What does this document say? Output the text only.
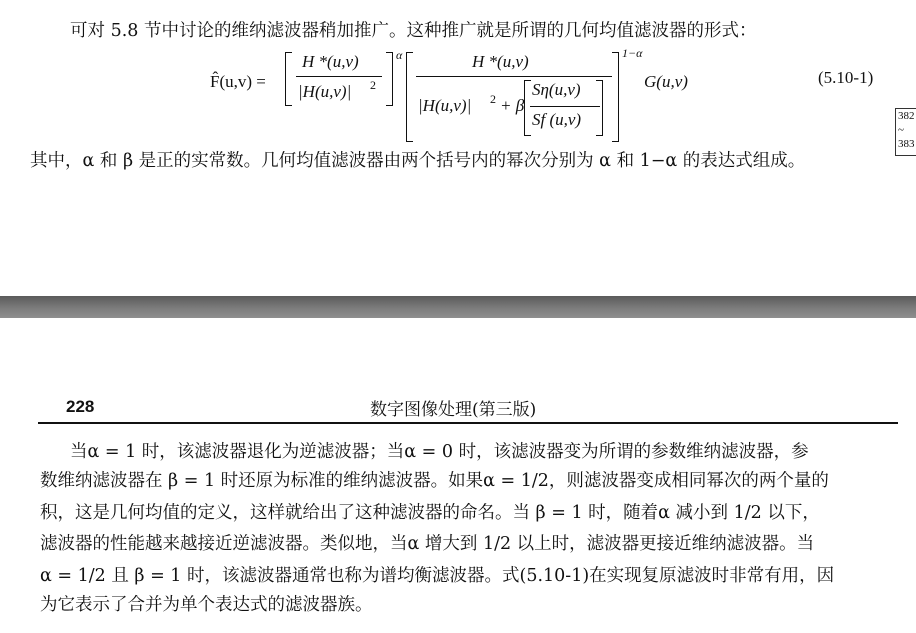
可对 5.8 节中讨论的维纳滤波器稍加推广。这种推广就是所谓的几何均值滤波器的形式：
F̂(u,v) =
H *(u,v)
|H(u,v)| 2
α	H *(u,v)
|H(u,v)| 2 + β
Sη(u,v)
Sf (u,v)
1−α
G(u,v)	(5.10-1)
其中，α 和 β 是正的实常数。几何均值滤波器由两个括号内的幂次分别为 α 和 1−α 的表达式组成。
382
~
383
228	数字图像处理(第三版)
当α = 1 时，该滤波器退化为逆滤波器；当α = 0 时，该滤波器变为所谓的参数维纳滤波器，参
数维纳滤波器在 β = 1 时还原为标准的维纳滤波器。如果α = 1/2，则滤波器变成相同幂次的两个量的
积，这是几何均值的定义，这样就给出了这种滤波器的命名。当 β = 1 时，随着α 减小到 1/2 以下，
滤波器的性能越来越接近逆滤波器。类似地，当α 增大到 1/2 以上时，滤波器更接近维纳滤波器。当
α = 1/2 且 β = 1 时，该滤波器通常也称为谱均衡滤波器。式(5.10-1)在实现复原滤波时非常有用，因
为它表示了合并为单个表达式的滤波器族。
